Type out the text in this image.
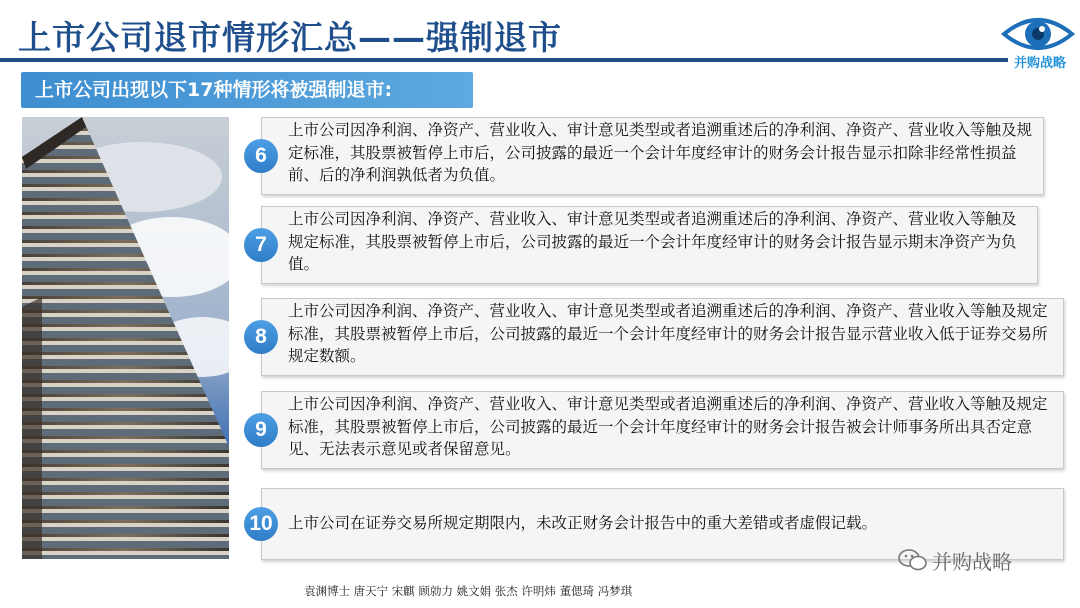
上市公司退市情形汇总——强制退市
并购战略
上市公司出现以下17种情形将被强制退市:
6
上市公司因净利润、净资产、营业收入、审计意见类型或者追溯重述后的净利润、净资产、营业收入等触及规定标准，其股票被暂停上市后，公司披露的最近一个会计年度经审计的财务会计报告显示扣除非经常性损益前、后的净利润孰低者为负值。
7
上市公司因净利润、净资产、营业收入、审计意见类型或者追溯重述后的净利润、净资产、营业收入等触及规定标准，其股票被暂停上市后，公司披露的最近一个会计年度经审计的财务会计报告显示期末净资产为负值。
8
上市公司因净利润、净资产、营业收入、审计意见类型或者追溯重述后的净利润、净资产、营业收入等触及规定标准，其股票被暂停上市后，公司披露的最近一个会计年度经审计的财务会计报告显示营业收入低于证券交易所规定数额。
9
上市公司因净利润、净资产、营业收入、审计意见类型或者追溯重述后的净利润、净资产、营业收入等触及规定标准，其股票被暂停上市后，公司披露的最近一个会计年度经审计的财务会计报告被会计师事务所出具否定意见、无法表示意见或者保留意见。
10 上市公司在证券交易所规定期限内，未改正财务会计报告中的重大差错或者虚假记载。
并购战略
袁渊博士 唐天宁 宋麒 顾勍力 姚文娟 张杰 许明炜 董偲琦 冯梦琪
